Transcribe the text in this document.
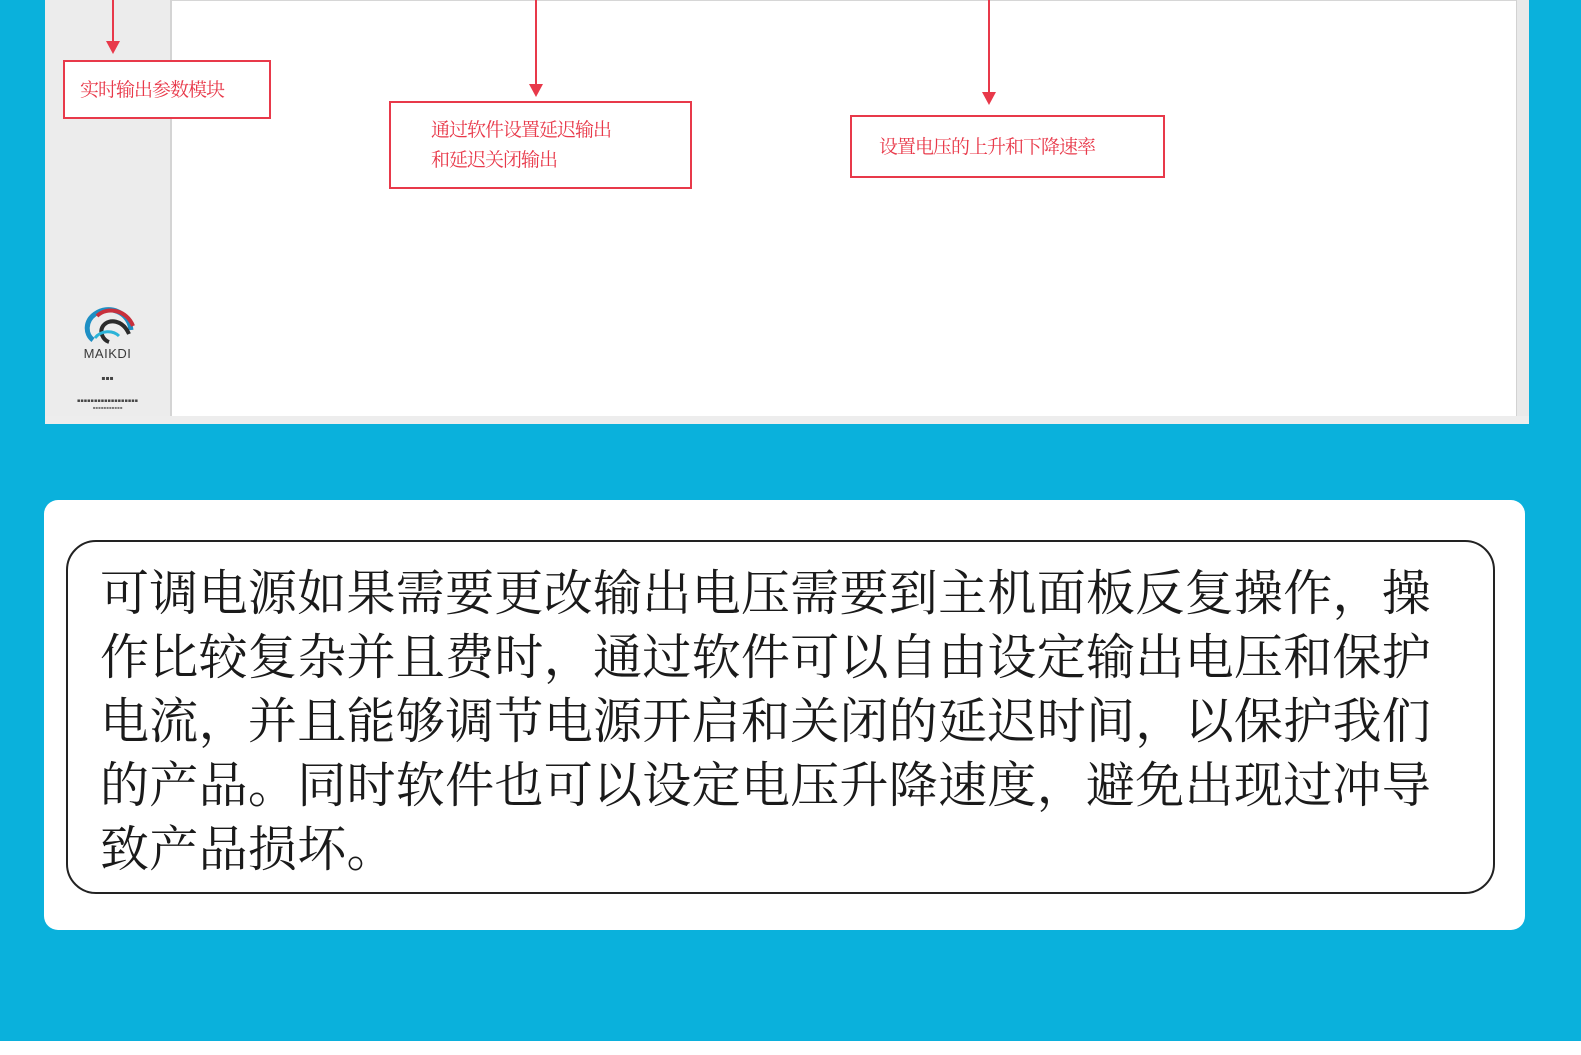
MAIKDI
▪▪▪
▪▪▪▪▪▪▪▪▪▪▪▪▪▪▪▪▪▪
▪▪▪▪▪▪▪▪▪▪▪
实时输出参数模块
通过软件设置延迟输出
和延迟关闭输出
设置电压的上升和下降速率

可调电源如果需要更改输出电压需要到主机面板反复操作，操作比较复杂并且费时，通过软件可以自由设定输出电压和保护电流，并且能够调节电源开启和关闭的延迟时间，以保护我们的产品。同时软件也可以设定电压升降速度，避免出现过冲导致产品损坏。
